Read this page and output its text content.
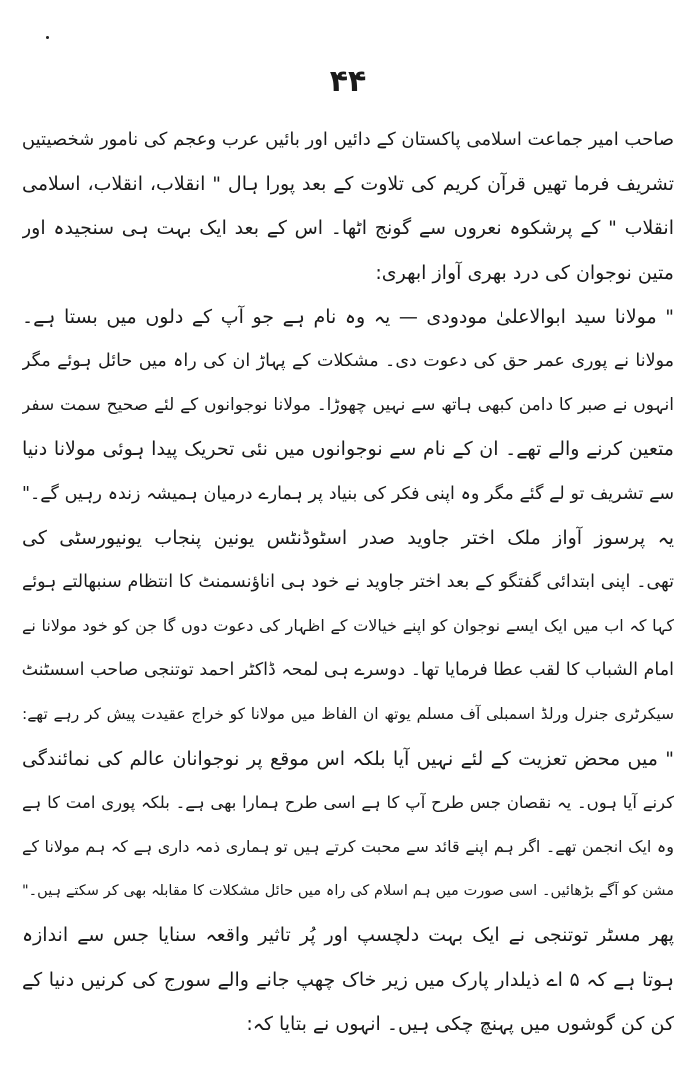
۴۴
صاحب امیر جماعت اسلامی پاکستان کے دائیں اور بائیں عرب وعجم کی نامور شخصیتیں
تشریف فرما تھیں قرآن کریم کی تلاوت کے بعد پورا ہال " انقلاب، انقلاب، اسلامی
انقلاب " کے پرشکوہ نعروں سے گونج اٹھا۔ اس کے بعد ایک بہت ہی سنجیدہ اور
متین نوجوان کی درد بھری آواز ابھری:
" مولانا سید ابوالاعلیٰ مودودی — یہ وہ نام ہے جو آپ کے دلوں میں بستا ہے۔
مولانا نے پوری عمر حق کی دعوت دی۔ مشکلات کے پہاڑ ان کی راہ میں حائل ہوئے مگر
انہوں نے صبر کا دامن کبھی ہاتھ سے نہیں چھوڑا۔ مولانا نوجوانوں کے لئے صحیح سمت سفر
متعین کرنے والے تھے۔ ان کے نام سے نوجوانوں میں نئی تحریک پیدا ہوئی مولانا دنیا
سے تشریف تو لے گئے مگر وہ اپنی فکر کی بنیاد پر ہمارے درمیان ہمیشہ زندہ رہیں گے۔"
یہ پرسوز آواز ملک اختر جاوید صدر اسٹوڈنٹس یونین پنجاب یونیورسٹی کی
تھی۔ اپنی ابتدائی گفتگو کے بعد اختر جاوید نے خود ہی اناؤنسمنٹ کا انتظام سنبھالتے ہوئے
کہا کہ اب میں ایک ایسے نوجوان کو اپنے خیالات کے اظہار کی دعوت دوں گا جن کو خود مولانا نے
امام الشباب کا لقب عطا فرمایا تھا۔ دوسرے ہی لمحہ ڈاکٹر احمد توتنجی صاحب اسسٹنٹ
سیکرٹری جنرل ورلڈ اسمبلی آف مسلم یوتھ ان الفاظ میں مولانا کو خراج عقیدت پیش کر رہے تھے:
" میں محض تعزیت کے لئے نہیں آیا بلکہ اس موقع پر نوجوانان عالم کی نمائندگی
کرنے آیا ہوں۔ یہ نقصان جس طرح آپ کا ہے اسی طرح ہمارا بھی ہے۔ بلکہ پوری امت کا ہے
وہ ایک انجمن تھے۔ اگر ہم اپنے قائد سے محبت کرتے ہیں تو ہماری ذمہ داری ہے کہ ہم مولانا کے
مشن کو آگے بڑھائیں۔ اسی صورت میں ہم اسلام کی راہ میں حائل مشکلات کا مقابلہ بھی کر سکتے ہیں۔"
پھر مسٹر توتنجی نے ایک بہت دلچسپ اور پُر تاثیر واقعہ سنایا جس سے اندازہ
ہوتا ہے کہ ۵ اے ذیلدار پارک میں زیر خاک چھپ جانے والے سورج کی کرنیں دنیا کے
کن کن گوشوں میں پہنچ چکی ہیں۔ انہوں نے بتایا کہ:
